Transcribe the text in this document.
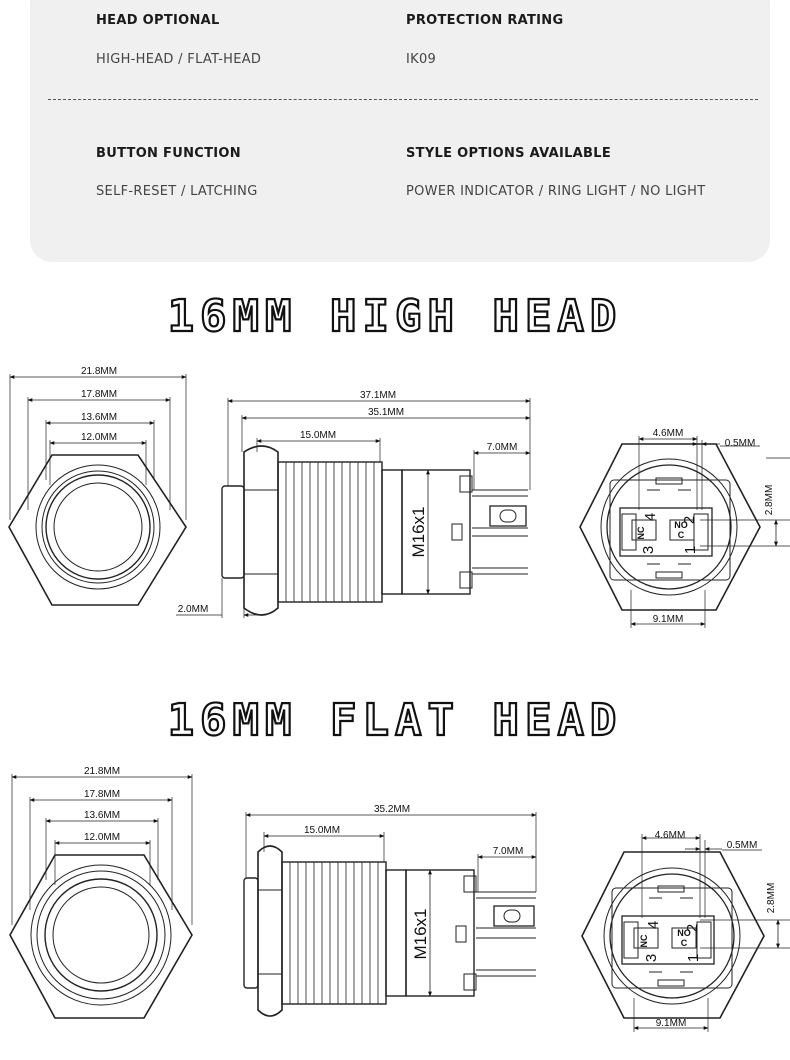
HEAD OPTIONAL
HIGH-HEAD / FLAT-HEAD
PROTECTION RATING
IK09
BUTTON FUNCTION
SELF-RESET / LATCHING
STYLE OPTIONS AVAILABLE
POWER INDICATOR / RING LIGHT / NO LIGHT
16MM HIGH HEAD
21.8MM
17.8MM
13.6MM
12.0MM
37.1MM
35.1MM
15.0MM
7.0MM
2.0MM
M16x1
4.6MM
0.5MM
2.8MM
9.1MM
4 2
3 1
NC
NO
C
16MM FLAT HEAD
21.8MM
17.8MM
13.6MM
12.0MM
35.2MM
15.0MM
7.0MM
M16x1
4.6MM
0.5MM
2.8MM
9.1MM
4 2
3 1
NC
NO
C
